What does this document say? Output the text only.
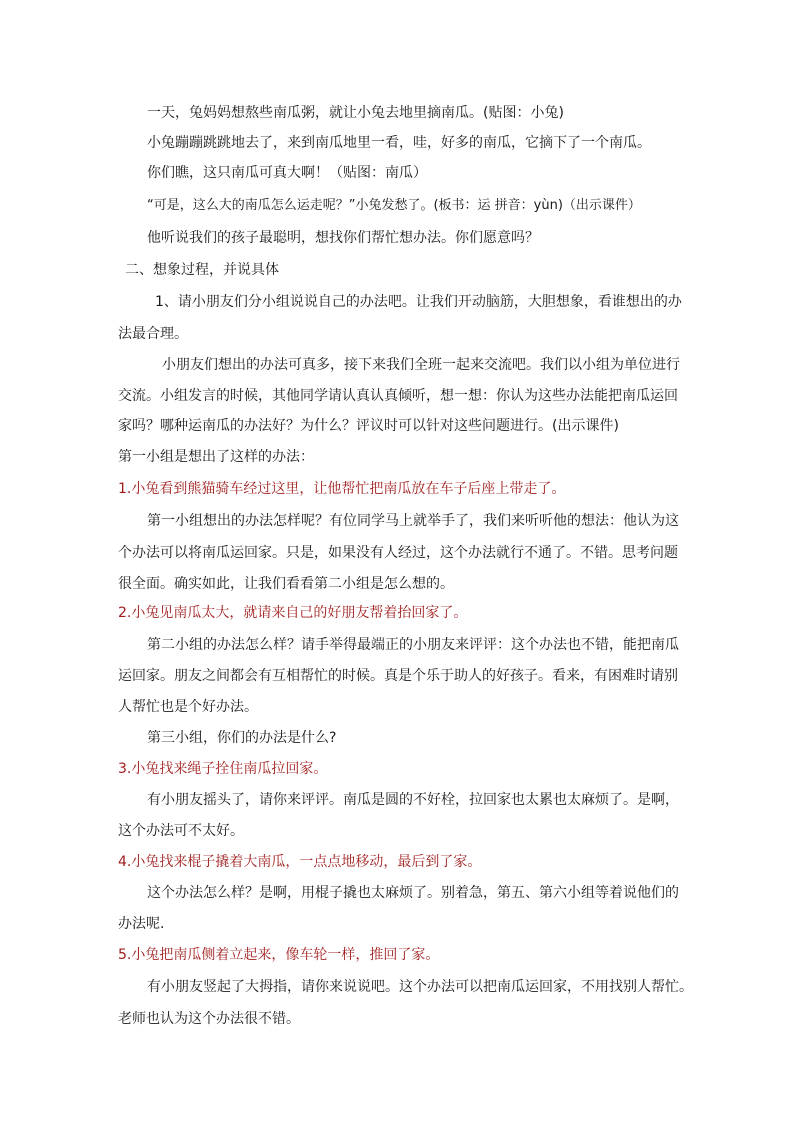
一天，兔妈妈想熬些南瓜粥，就让小兔去地里摘南瓜。(贴图：小兔)
小兔蹦蹦跳跳地去了，来到南瓜地里一看，哇，好多的南瓜，它摘下了一个南瓜。
你们瞧，这只南瓜可真大啊！（贴图：南瓜）
“可是，这么大的南瓜怎么运走呢？”小兔发愁了。(板书：运 拼音：yùn)（出示课件）
他听说我们的孩子最聪明，想找你们帮忙想办法。你们愿意吗？
二、想象过程，并说具体
1、请小朋友们分小组说说自己的办法吧。让我们开动脑筋，大胆想象，看谁想出的办
法最合理。
小朋友们想出的办法可真多，接下来我们全班一起来交流吧。我们以小组为单位进行
交流。小组发言的时候，其他同学请认真认真倾听，想一想：你认为这些办法能把南瓜运回
家吗？哪种运南瓜的办法好？为什么？评议时可以针对这些问题进行。(出示课件)
第一小组是想出了这样的办法：
1.小兔看到熊猫骑车经过这里，让他帮忙把南瓜放在车子后座上带走了。
第一小组想出的办法怎样呢？有位同学马上就举手了，我们来听听他的想法：他认为这
个办法可以将南瓜运回家。只是，如果没有人经过，这个办法就行不通了。不错。思考问题
很全面。确实如此，让我们看看第二小组是怎么想的。
2.小兔见南瓜太大，就请来自己的好朋友帮着抬回家了。
第二小组的办法怎么样？请手举得最端正的小朋友来评评：这个办法也不错，能把南瓜
运回家。朋友之间都会有互相帮忙的时候。真是个乐于助人的好孩子。看来，有困难时请别
人帮忙也是个好办法。
第三小组，你们的办法是什么?
3.小兔找来绳子拴住南瓜拉回家。
有小朋友摇头了，请你来评评。南瓜是圆的不好栓，拉回家也太累也太麻烦了。是啊，
这个办法可不太好。
4.小兔找来棍子撬着大南瓜，一点点地移动，最后到了家。
这个办法怎么样？是啊，用棍子撬也太麻烦了。别着急，第五、第六小组等着说他们的
办法呢.
5.小兔把南瓜侧着立起来，像车轮一样，推回了家。
有小朋友竖起了大拇指，请你来说说吧。这个办法可以把南瓜运回家，不用找别人帮忙。
老师也认为这个办法很不错。
